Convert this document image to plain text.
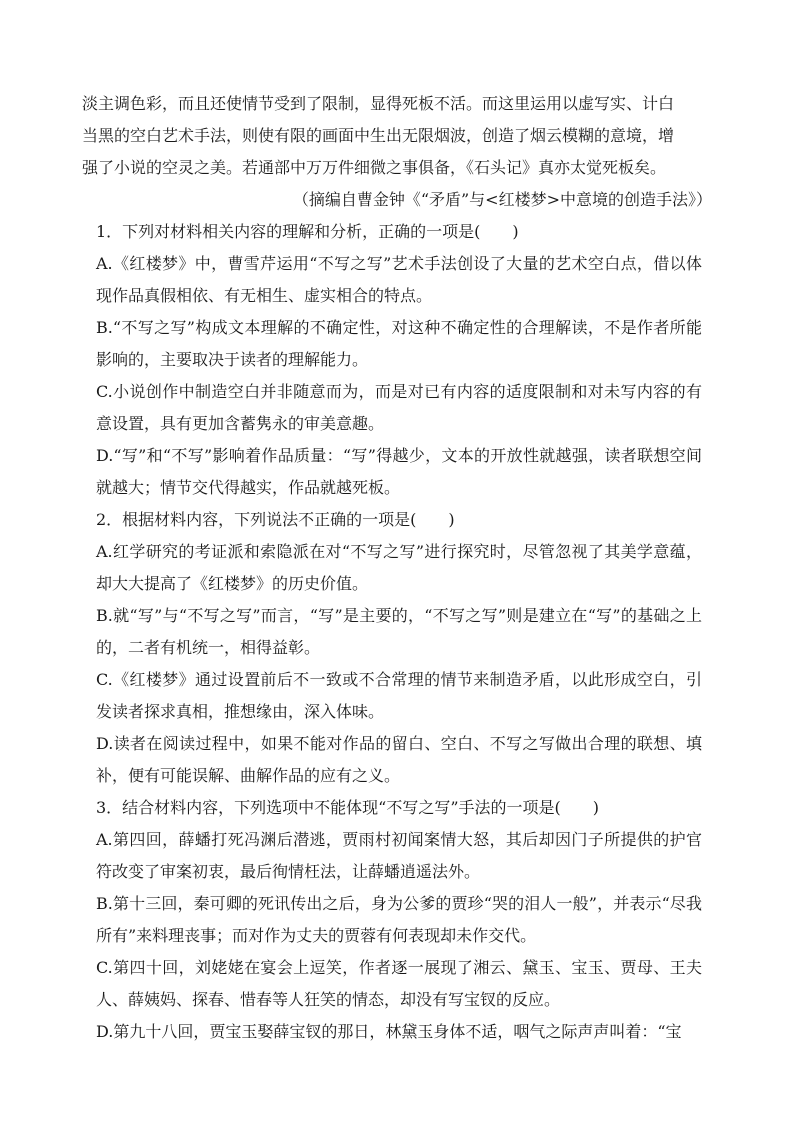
淡主调色彩，而且还使情节受到了限制，显得死板不活。而这里运用以虚写实、计白

当黑的空白艺术手法，则使有限的画面中生出无限烟波，创造了烟云模糊的意境，增

强了小说的空灵之美。若通部中万万件细微之事俱备，《石头记》真亦太觉死板矣。

（摘编自曹金钟《“矛盾”与<红楼梦>中意境的创造手法》）

1．下列对材料相关内容的理解和分析，正确的一项是(　　)

A.《红楼梦》中，曹雪芹运用“不写之写”艺术手法创设了大量的艺术空白点，借以体现作品真假相依、有无相生、虚实相合的特点。

B.“不写之写”构成文本理解的不确定性，对这种不确定性的合理解读，不是作者所能影响的，主要取决于读者的理解能力。

C.小说创作中制造空白并非随意而为，而是对已有内容的适度限制和对未写内容的有意设置，具有更加含蓄隽永的审美意趣。

D.“写”和“不写”影响着作品质量：“写”得越少，文本的开放性就越强，读者联想空间就越大；情节交代得越实，作品就越死板。

2．根据材料内容，下列说法不正确的一项是(　　)

A.红学研究的考证派和索隐派在对“不写之写”进行探究时，尽管忽视了其美学意蕴，却大大提高了《红楼梦》的历史价值。

B.就“写”与“不写之写”而言，“写”是主要的，“不写之写”则是建立在“写”的基础之上的，二者有机统一，相得益彰。

C.《红楼梦》通过设置前后不一致或不合常理的情节来制造矛盾，以此形成空白，引发读者探求真相，推想缘由，深入体味。

D.读者在阅读过程中，如果不能对作品的留白、空白、不写之写做出合理的联想、填补，便有可能误解、曲解作品的应有之义。

3．结合材料内容，下列选项中不能体现“不写之写”手法的一项是(　　)

A.第四回，薛蟠打死冯渊后潜逃，贾雨村初闻案情大怒，其后却因门子所提供的护官符改变了审案初衷，最后徇情枉法，让薛蟠逍遥法外。

B.第十三回，秦可卿的死讯传出之后，身为公爹的贾珍“哭的泪人一般”，并表示“尽我所有”来料理丧事；而对作为丈夫的贾蓉有何表现却未作交代。

C.第四十回，刘姥姥在宴会上逗笑，作者逐一展现了湘云、黛玉、宝玉、贾母、王夫人、薛姨妈、探春、惜春等人狂笑的情态，却没有写宝钗的反应。

D.第九十八回，贾宝玉娶薛宝钗的那日，林黛玉身体不适，咽气之际声声叫着：“宝
